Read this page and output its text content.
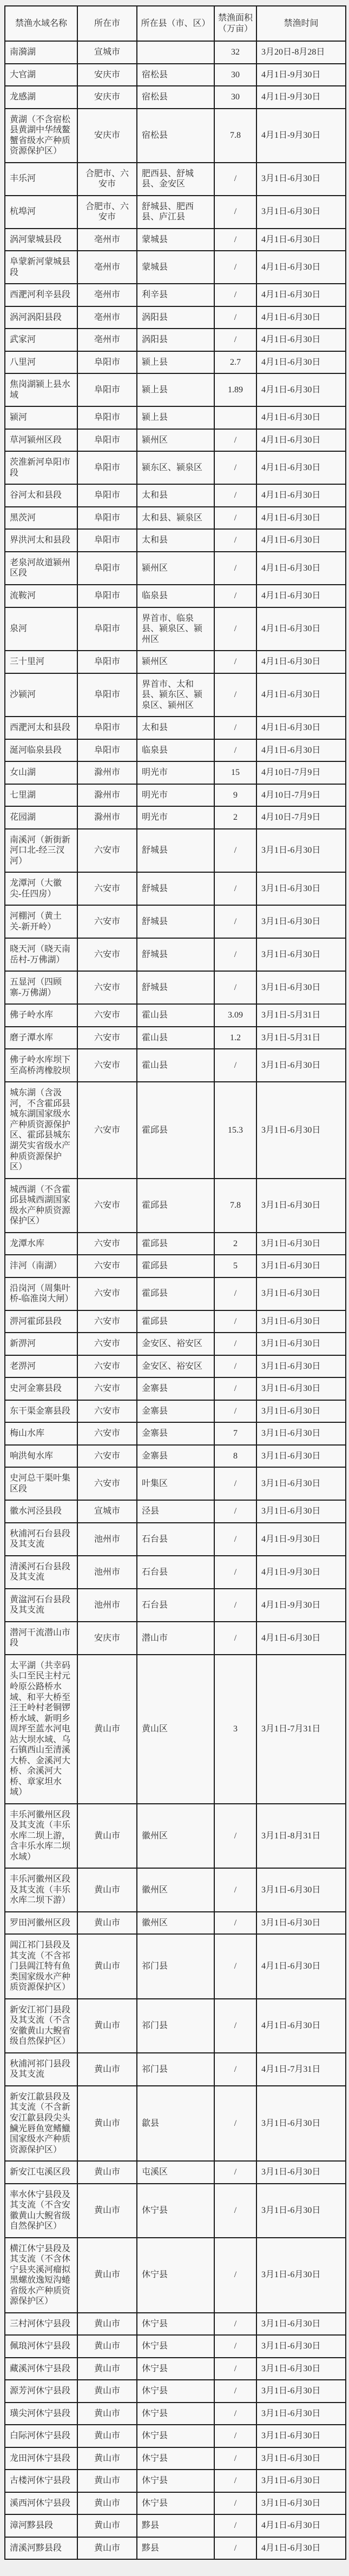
禁渔水域名称	所在市	所在县（市、区）	禁渔面积（万亩）	禁渔时间
南漪湖	宣城市		32	3月20日-8月28日
大官湖	安庆市	宿松县	30	4月1日-9月30日
龙感湖	安庆市	宿松县	30	4月1日-9月30日
黄湖（不含宿松县黄湖中华绒鳌蟹省级水产种质资源保护区）	安庆市	宿松县	7.8	4月1日-9月30日
丰乐河	合肥市、六安市	肥西县、舒城县、金安区	/	3月1日-6月30日
杭埠河	合肥市、六安市	舒城县、肥西县、庐江县	/	3月1日-6月30日
涡河蒙城县段	亳州市	蒙城县	/	4月1日-6月30日
阜蒙新河蒙城县段	亳州市	蒙城县	/	4月1日-6月30日
西淝河利辛县段	亳州市	利辛县	/	4月1日-6月30日
涡河涡阳县段	亳州市	涡阳县	/	4月1日-6月30日
武家河	亳州市	涡阳县	/	4月1日-6月30日
八里河	阜阳市	颍上县	2.7	4月1日-6月30日
焦岗湖颍上县水域	阜阳市	颍上县	1.89	4月1日-6月30日
颍河	阜阳市	颍上县		4月1日-6月30日
草河颍州区段	阜阳市	颍州区	/	4月1日-6月30日
茨淮新河阜阳市段	阜阳市	颍东区、颍泉区	/	4月1日-6月30日
谷河太和县段	阜阳市	太和县	/	4月1日-6月30日
黑茨河	阜阳市	太和县、颍泉区	/	4月1日-6月30日
界洪河太和县段	阜阳市	太和县	/	4月1日-6月30日
老泉河故道颍州区段	阜阳市	颍州区	/	4月1日-6月30日
流鞍河	阜阳市	临泉县	/	4月1日-6月30日
泉河	阜阳市	界首市、临泉县、颍泉区、颍州区	/	4月1日-6月30日
三十里河	阜阳市	颍州区	/	4月1日-6月30日
沙颍河	阜阳市	界首市、太和县、颍东区、颍泉区、颍州区	/	4月1日-6月30日
西淝河太和县段	阜阳市	太和县	/	4月1日-6月30日
涎河临泉县段	阜阳市	临泉县	/	4月1日-6月30日
女山湖	滁州市	明光市	15	4月10日-7月9日
七里湖	滁州市	明光市	9	4月10日-7月9日
花园湖	滁州市	明光市	2	4月10日-7月9日
南溪河（新街新河口北-经三汊河）	六安市	舒城县	/	3月1日-6月30日
龙潭河（大徽尖-任四房）	六安市	舒城县	/	3月1日-6月30日
河棚河（黄土关-新开岭）	六安市	舒城县	/	3月1日-6月30日
晓天河（晓天南岳村-万佛湖）	六安市	舒城县	/	3月1日-6月30日
五显河（四顾寨-万佛湖）	六安市	舒城县	/	3月1日-6月30日
佛子岭水库	六安市	霍山县	3.09	3月1日-5月31日
磨子潭水库	六安市	霍山县	1.2	3月1日-5月31日
佛子岭水库坝下至高桥湾橡胶坝	六安市	霍山县	/	3月1日-6月30日
城东湖（含汲河，不含霍邱县城东湖国家级水产种质资源保护区、霍邱县城东湖芡实省级水产种质资源保护区）	六安市	霍邱县	15.3	3月1日-6月30日
城西湖（不含霍邱县城西湖国家级水产种质资源保护区）	六安市	霍邱县	7.8	3月1日-6月30日
龙潭水库	六安市	霍邱县	2	3月1日-6月30日
沣河（南湖）	六安市	霍邱县	5	3月1日-6月30日
沿岗河（周集叶桥-临淮岗大闸）	六安市	霍邱县	/	3月1日-6月30日
淠河霍邱县段	六安市	霍邱县	/	3月1日-6月30日
新淠河	六安市	金安区、裕安区	/	3月1日-6月30日
老淠河	六安市	金安区、裕安区	/	3月1日-6月30日
史河金寨县段	六安市	金寨县	/	3月1日-6月30日
东干渠金寨县段	六安市	金寨县	/	3月1日-6月30日
梅山水库	六安市	金寨县	7	3月1日-6月30日
响洪甸水库	六安市	金寨县	8	3月1日-6月30日
史河总干渠叶集区段	六安市	叶集区	/	3月1日-6月30日
徽水河泾县段	宣城市	泾县	/	3月1日-6月30日
秋浦河石台县段及其支流	池州市	石台县	/	4月1日-9月30日
清溪河石台县段及其支流	池州市	石台县	/	4月1日-9月30日
黄湓河石台县段及其支流	池州市	石台县	/	4月1日-9月30日
潜河干流潜山市段	安庆市	潜山市	/	4月1日-6月30日
太平湖（共幸码头口至民主村元岭原公路桥水域、和平大桥至汪王岭村老铜锣桥水域、新明乡周坪至蓝水河电站大坝水域、乌石镇西山至清溪大桥、金溪河大桥、余溪河大桥、章家坦水域）	黄山市	黄山区	3	3月1日-7月31日
丰乐河徽州区段及其支流（丰乐水库二坝上游，含丰乐水库二坝水域）	黄山市	徽州区	/	3月1日-8月31日
丰乐河徽州区段及其支流（丰乐水库二坝下游）	黄山市	徽州区	/	3月1日-6月30日
罗田河徽州区段	黄山市	徽州区	/	3月1日-6月30日
阊江祁门县段及其支流（不含祁门县阊江特有鱼类国家级水产种质资源保护区）	黄山市	祁门县	/	4月1日-6月30日
新安江祁门县段及其支流（不含安徽黄山大鲵省级自然保护区）	黄山市	祁门县	/	4月1日-6月30日
秋浦河祁门县段及其支流	黄山市	祁门县	/	4月1日-7月31日
新安江歙县段及其支流（不含新安江歙县段尖头鱥光唇鱼宽鳍鱲国家级水产种质资源保护区）	黄山市	歙县	/	3月1日-6月30日
新安江屯溪区段	黄山市	屯溪区	/	3月1日-6月30日
率水休宁县段及其支流（不含安徽黄山大鲵省级自然保护区）	黄山市	休宁县	/	3月1日-6月30日
横江休宁县段及其支流（不含休宁县夹溪河瘤拟黑螺放逸短沟蜷省级水产种质资源保护区）	黄山市	休宁县	/	3月1日-6月30日
三村河休宁县段	黄山市	休宁县	/	3月1日-6月30日
佩琅河休宁县段	黄山市	休宁县	/	3月1日-6月30日
藏溪河休宁县段	黄山市	休宁县	/	3月1日-6月30日
源芳河休宁县段	黄山市	休宁县	/	3月1日-6月30日
璜尖河休宁县段	黄山市	休宁县	/	3月1日-6月30日
白际河休宁县段	黄山市	休宁县	/	3月1日-6月30日
龙田河休宁县段	黄山市	休宁县	/	3月1日-6月30日
古楼河休宁县段	黄山市	休宁县	/	3月1日-6月30日
溪西河休宁县段	黄山市	休宁县	/	3月1日-6月30日
漳河黟县段	黄山市	黟县	/	4月1日-6月30日
清溪河黟县段	黄山市	黟县	/	4月1日-6月30日
